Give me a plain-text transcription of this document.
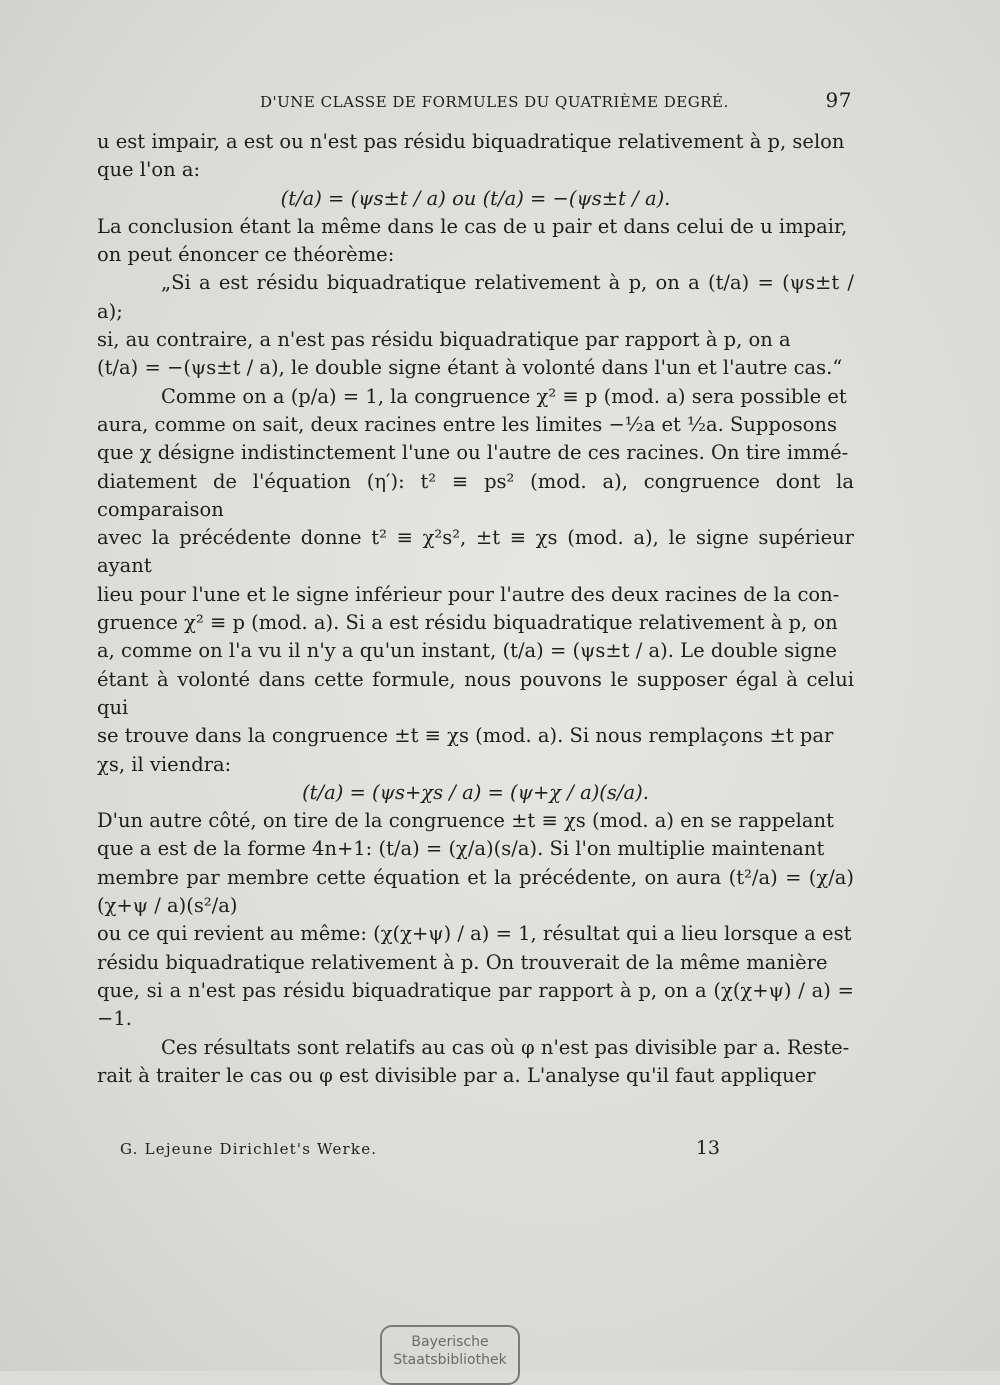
D'UNE CLASSE DE FORMULES DU QUATRIÈME DEGRÉ.	97

u est impair, a est ou n'est pas résidu biquadratique relativement à p, selon

que l'on a:

(t/a) = (ψs±t / a) ou (t/a) = −(ψs±t / a).

La conclusion étant la même dans le cas de u pair et dans celui de u impair,

on peut énoncer ce théorème:

„Si a est résidu biquadratique relativement à p, on a (t/a) = (ψs±t / a);

si, au contraire, a n'est pas résidu biquadratique par rapport à p, on a

(t/a) = −(ψs±t / a), le double signe étant à volonté dans l'un et l'autre cas.“

Comme on a (p/a) = 1, la congruence χ² ≡ p (mod. a) sera possible et

aura, comme on sait, deux racines entre les limites −½a et ½a. Supposons

que χ désigne indistinctement l'une ou l'autre de ces racines. On tire immé-

diatement de l'équation (η′): t² ≡ ps² (mod. a), congruence dont la comparaison

avec la précédente donne t² ≡ χ²s², ±t ≡ χs (mod. a), le signe supérieur ayant

lieu pour l'une et le signe inférieur pour l'autre des deux racines de la con-

gruence χ² ≡ p (mod. a). Si a est résidu biquadratique relativement à p, on

a, comme on l'a vu il n'y a qu'un instant, (t/a) = (ψs±t / a). Le double signe

étant à volonté dans cette formule, nous pouvons le supposer égal à celui qui

se trouve dans la congruence ±t ≡ χs (mod. a). Si nous remplaçons ±t par

χs, il viendra:

(t/a) = (ψs+χs / a) = (ψ+χ / a)(s/a).

D'un autre côté, on tire de la congruence ±t ≡ χs (mod. a) en se rappelant

que a est de la forme 4n+1: (t/a) = (χ/a)(s/a). Si l'on multiplie maintenant

membre par membre cette équation et la précédente, on aura (t²/a) = (χ/a)(χ+ψ / a)(s²/a)

ou ce qui revient au même: (χ(χ+ψ) / a) = 1, résultat qui a lieu lorsque a est

résidu biquadratique relativement à p. On trouverait de la même manière

que, si a n'est pas résidu biquadratique par rapport à p, on a (χ(χ+ψ) / a) = −1.

Ces résultats sont relatifs au cas où φ n'est pas divisible par a. Reste-

rait à traiter le cas ou φ est divisible par a. L'analyse qu'il faut appliquer

G. Lejeune Dirichlet's Werke.	13
Bayerische
Staatsbibliothek
